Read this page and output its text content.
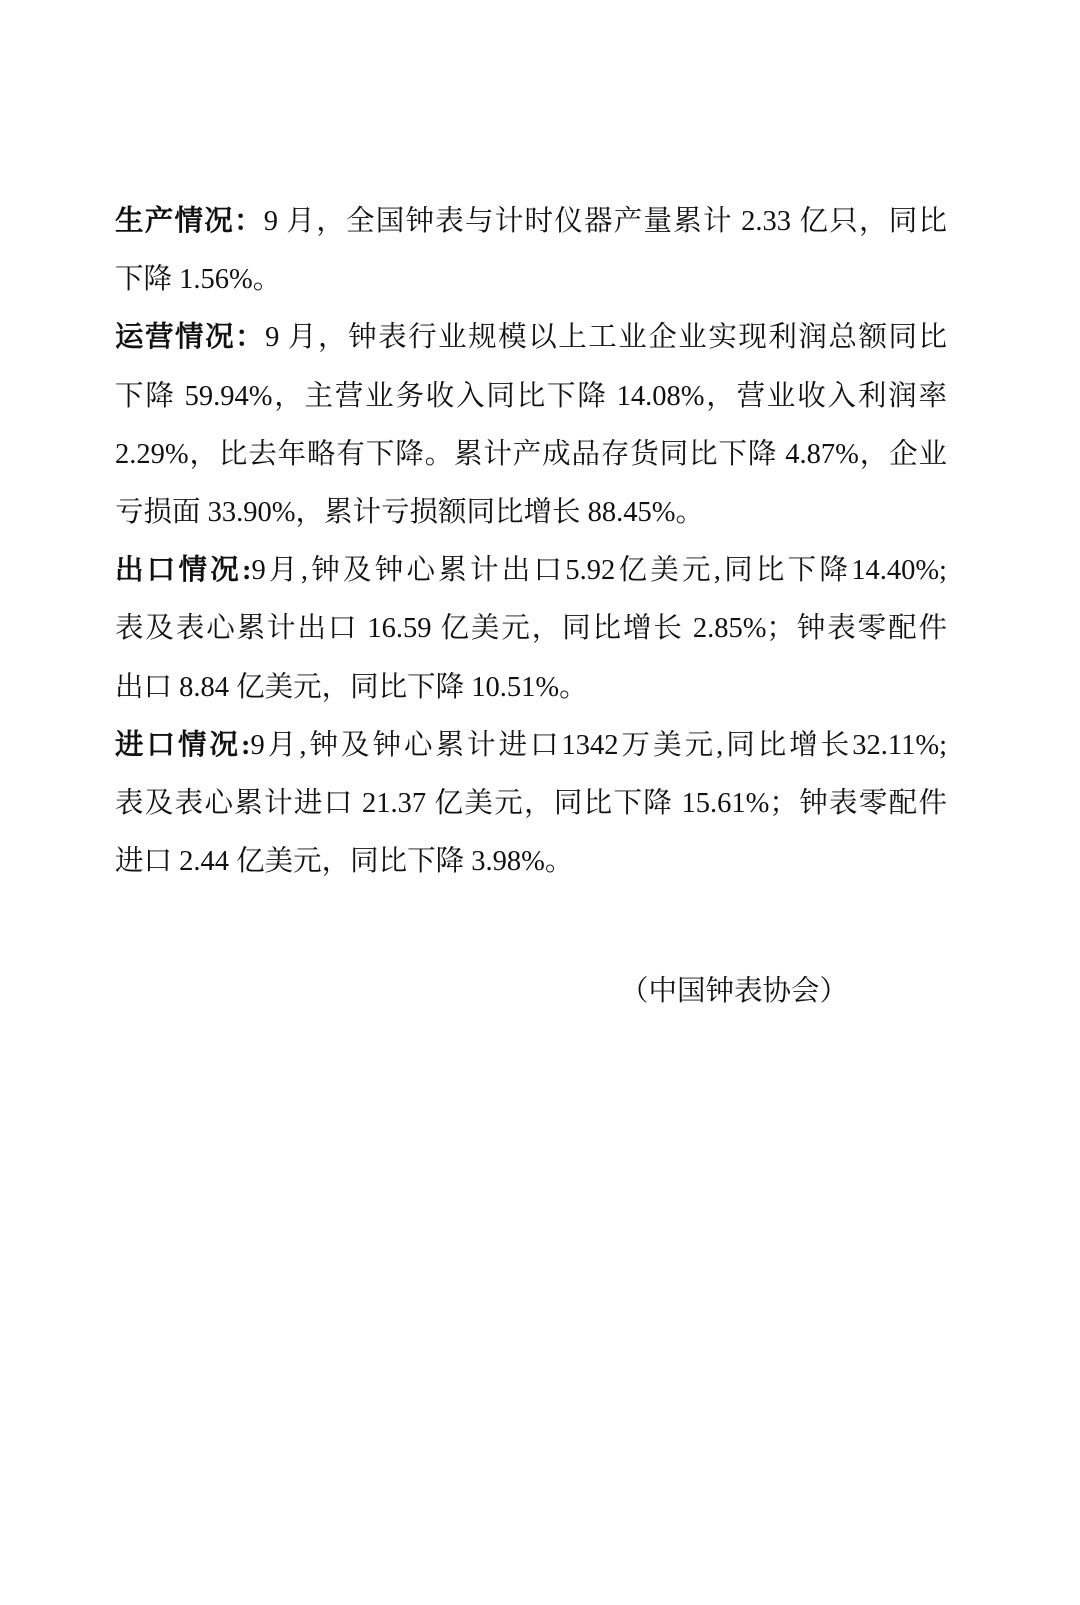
生产情况：9 月，全国钟表与计时仪器产量累计 2.33 亿只，同比
下降 1.56%。
运营情况：9 月，钟表行业规模以上工业企业实现利润总额同比
下降 59.94%，主营业务收入同比下降 14.08%，营业收入利润率
2.29%，比去年略有下降。累计产成品存货同比下降 4.87%，企业
亏损面 33.90%，累计亏损额同比增长 88.45%。
出口情况:9月,钟及钟心累计出口5.92亿美元,同比下降14.40%;
表及表心累计出口 16.59 亿美元，同比增长 2.85%；钟表零配件
出口 8.84 亿美元，同比下降 10.51%。
进口情况:9月,钟及钟心累计进口1342万美元,同比增长32.11%;
表及表心累计进口 21.37 亿美元，同比下降 15.61%；钟表零配件
进口 2.44 亿美元，同比下降 3.98%。
（中国钟表协会）
